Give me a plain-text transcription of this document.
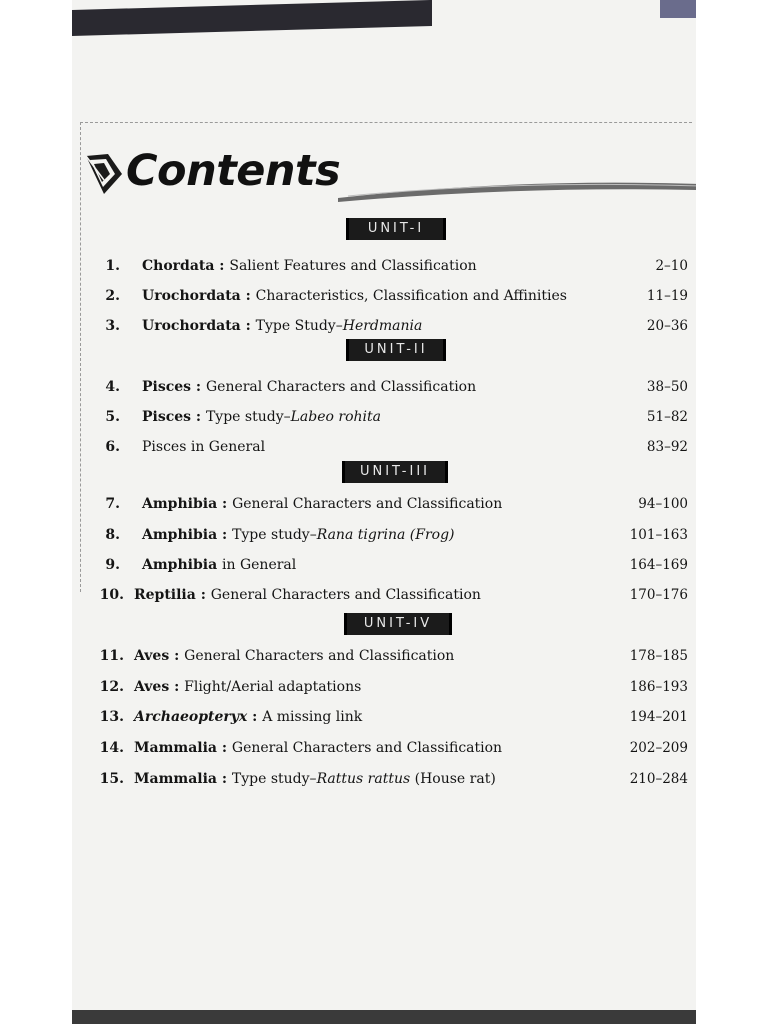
Contents
UNIT-I
UNIT-II
UNIT-III
UNIT-IV
1. Chordata : Salient Features and Classification	2–10
2. Urochordata : Characteristics, Classification and Affinities	11–19
3. Urochordata : Type Study–Herdmania	20–36
4. Pisces : General Characters and Classification	38–50
5. Pisces : Type study–Labeo rohita	51–82
6. Pisces in General	83–92
7. Amphibia : General Characters and Classification	94–100
8. Amphibia : Type study–Rana tigrina (Frog)	101–163
9. Amphibia in General	164–169
10. Reptilia : General Characters and Classification	170–176
11. Aves : General Characters and Classification	178–185
12. Aves : Flight/Aerial adaptations	186–193
13. Archaeopteryx : A missing link	194–201
14. Mammalia : General Characters and Classification	202–209
15. Mammalia : Type study–Rattus rattus (House rat)	210–284
